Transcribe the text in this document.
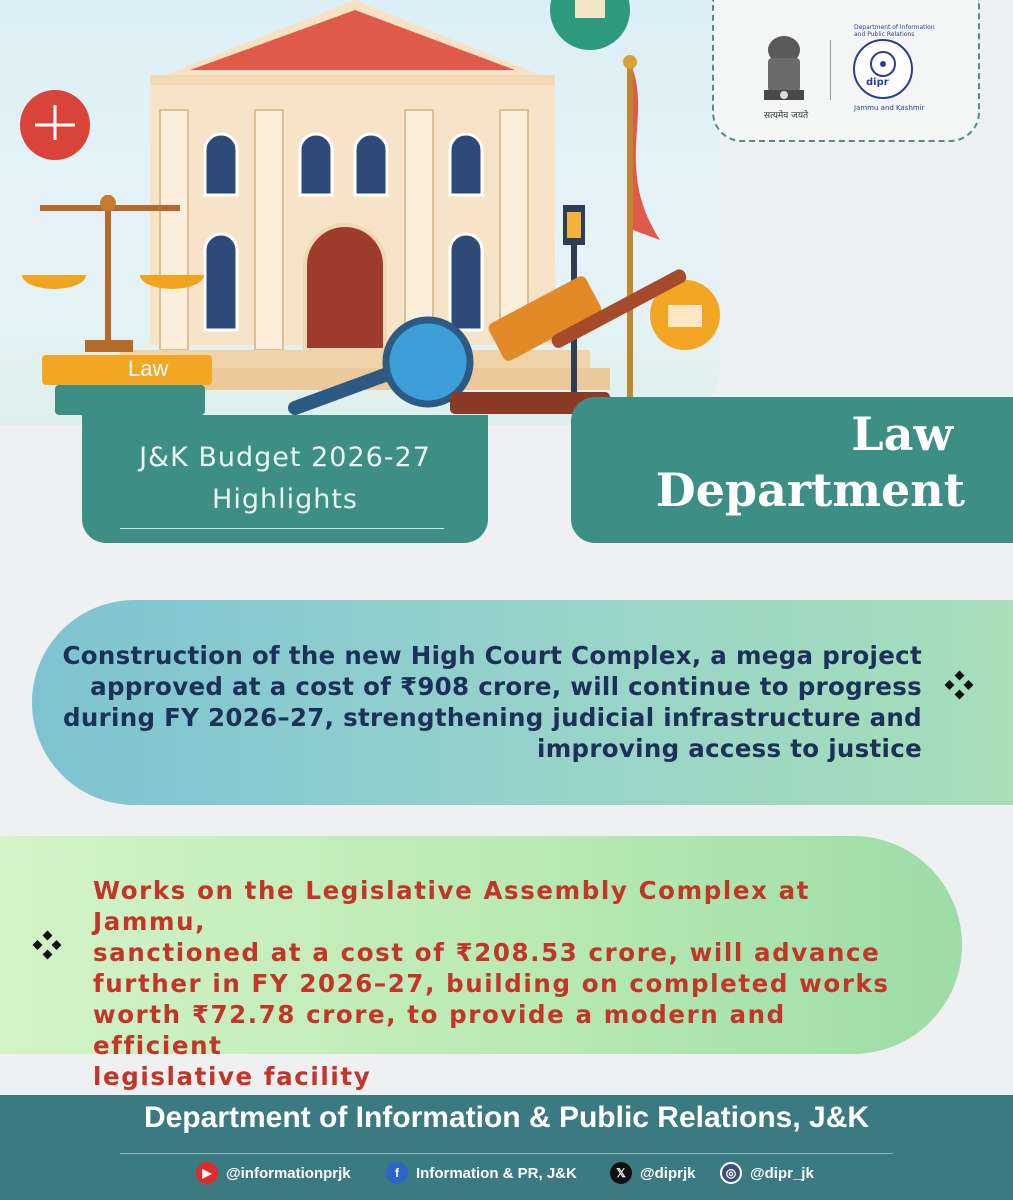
Law
सत्यमेव जयते
dipr
Department of Information and Public Relations
Jammu and Kashmir
J&K Budget 2026-27
Highlights
Law
Department
Construction of the new High Court Complex, a mega project
approved at a cost of ₹908 crore, will continue to progress
during FY 2026–27, strengthening judicial infrastructure and
improving access to justice
Works on the Legislative Assembly Complex at Jammu,
sanctioned at a cost of ₹208.53 crore, will advance
further in FY 2026–27, building on completed works
worth ₹72.78 crore, to provide a modern and efficient
legislative facility
Department of Information & Public Relations, J&K
▶ @informationprjk	f	Information & PR, J&K	𝕏 @diprjk	◎ @dipr_jk
